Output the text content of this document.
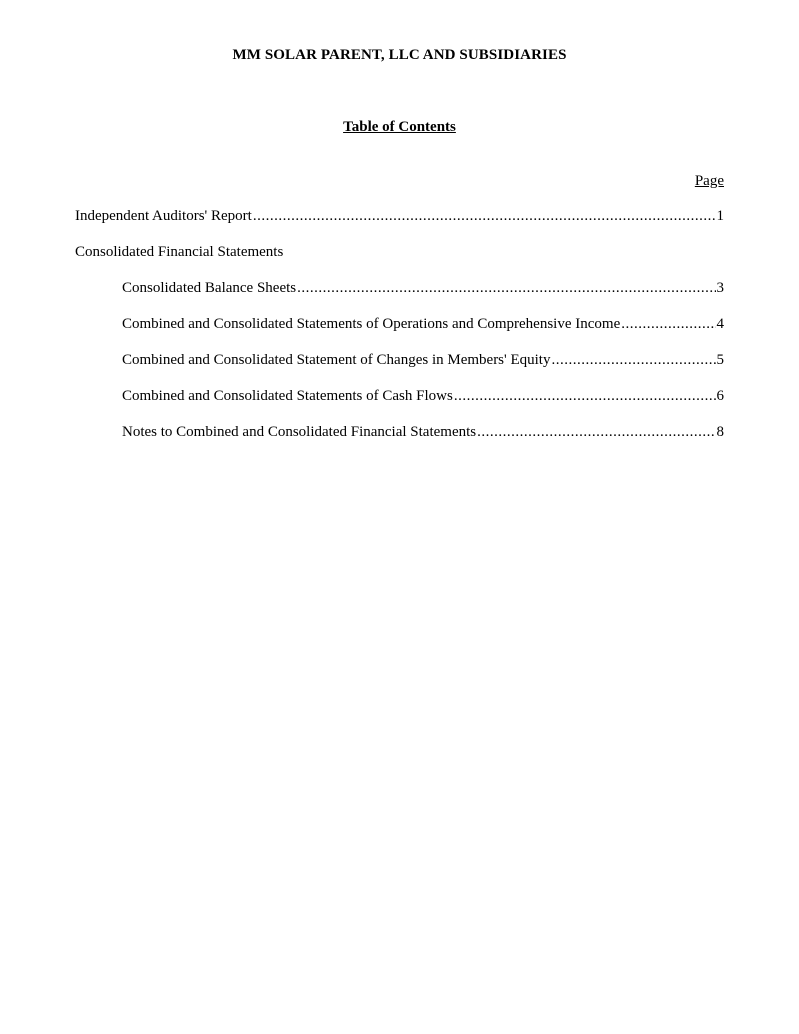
MM SOLAR PARENT, LLC AND SUBSIDIARIES
Table of Contents
Page
Independent Auditors' Report .....	1
Consolidated Financial Statements
Consolidated Balance Sheets .....	3
Combined and Consolidated Statements of Operations and Comprehensive Income .....	4
Combined and Consolidated Statement of Changes in Members' Equity .....	5
Combined and Consolidated Statements of Cash Flows .....	6
Notes to Combined and Consolidated Financial Statements .....	8
